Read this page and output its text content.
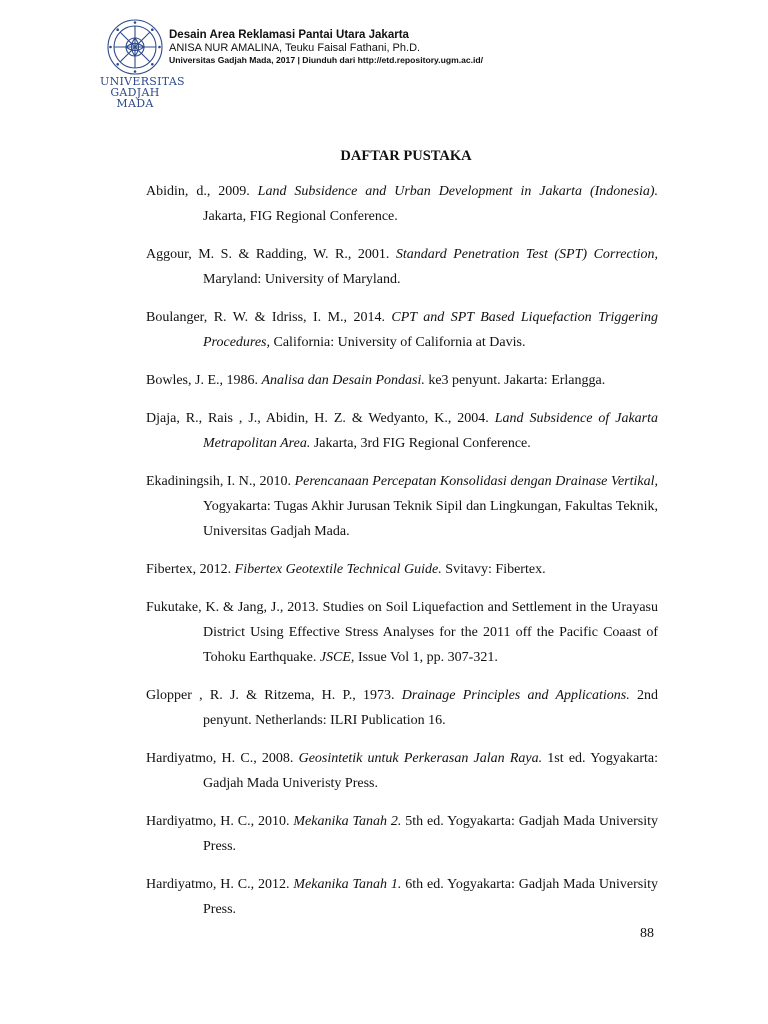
UNIVERSITAS
GADJAH MADA
Desain Area Reklamasi Pantai Utara Jakarta
ANISA NUR AMALINA, Teuku Faisal Fathani, Ph.D.
Universitas Gadjah Mada, 2017 | Diunduh dari http://etd.repository.ugm.ac.id/
DAFTAR PUSTAKA

Abidin, d., 2009. Land Subsidence and Urban Development in Jakarta (Indonesia). Jakarta, FIG Regional Conference.

Aggour, M. S. & Radding, W. R., 2001. Standard Penetration Test (SPT) Correction, Maryland: University of Maryland.

Boulanger, R. W. & Idriss, I. M., 2014. CPT and SPT Based Liquefaction Triggering Procedures, California: University of California at Davis.

Bowles, J. E., 1986. Analisa dan Desain Pondasi. ke3 penyunt. Jakarta: Erlangga.

Djaja, R., Rais , J., Abidin, H. Z. & Wedyanto, K., 2004. Land Subsidence of Jakarta Metrapolitan Area. Jakarta, 3rd FIG Regional Conference.

Ekadiningsih, I. N., 2010. Perencanaan Percepatan Konsolidasi dengan Drainase Vertikal, Yogyakarta: Tugas Akhir Jurusan Teknik Sipil dan Lingkungan, Fakultas Teknik, Universitas Gadjah Mada.

Fibertex, 2012. Fibertex Geotextile Technical Guide. Svitavy: Fibertex.

Fukutake, K. & Jang, J., 2013. Studies on Soil Liquefaction and Settlement in the Urayasu District Using Effective Stress Analyses for the 2011 off the Pacific Coaast of Tohoku Earthquake. JSCE, Issue Vol 1, pp. 307-321.

Glopper , R. J. & Ritzema, H. P., 1973. Drainage Principles and Applications. 2nd penyunt. Netherlands: ILRI Publication 16.

Hardiyatmo, H. C., 2008. Geosintetik untuk Perkerasan Jalan Raya. 1st ed. Yogyakarta: Gadjah Mada Univeristy Press.

Hardiyatmo, H. C., 2010. Mekanika Tanah 2. 5th ed. Yogyakarta: Gadjah Mada University Press.

Hardiyatmo, H. C., 2012. Mekanika Tanah 1. 6th ed. Yogyakarta: Gadjah Mada University Press.

88
